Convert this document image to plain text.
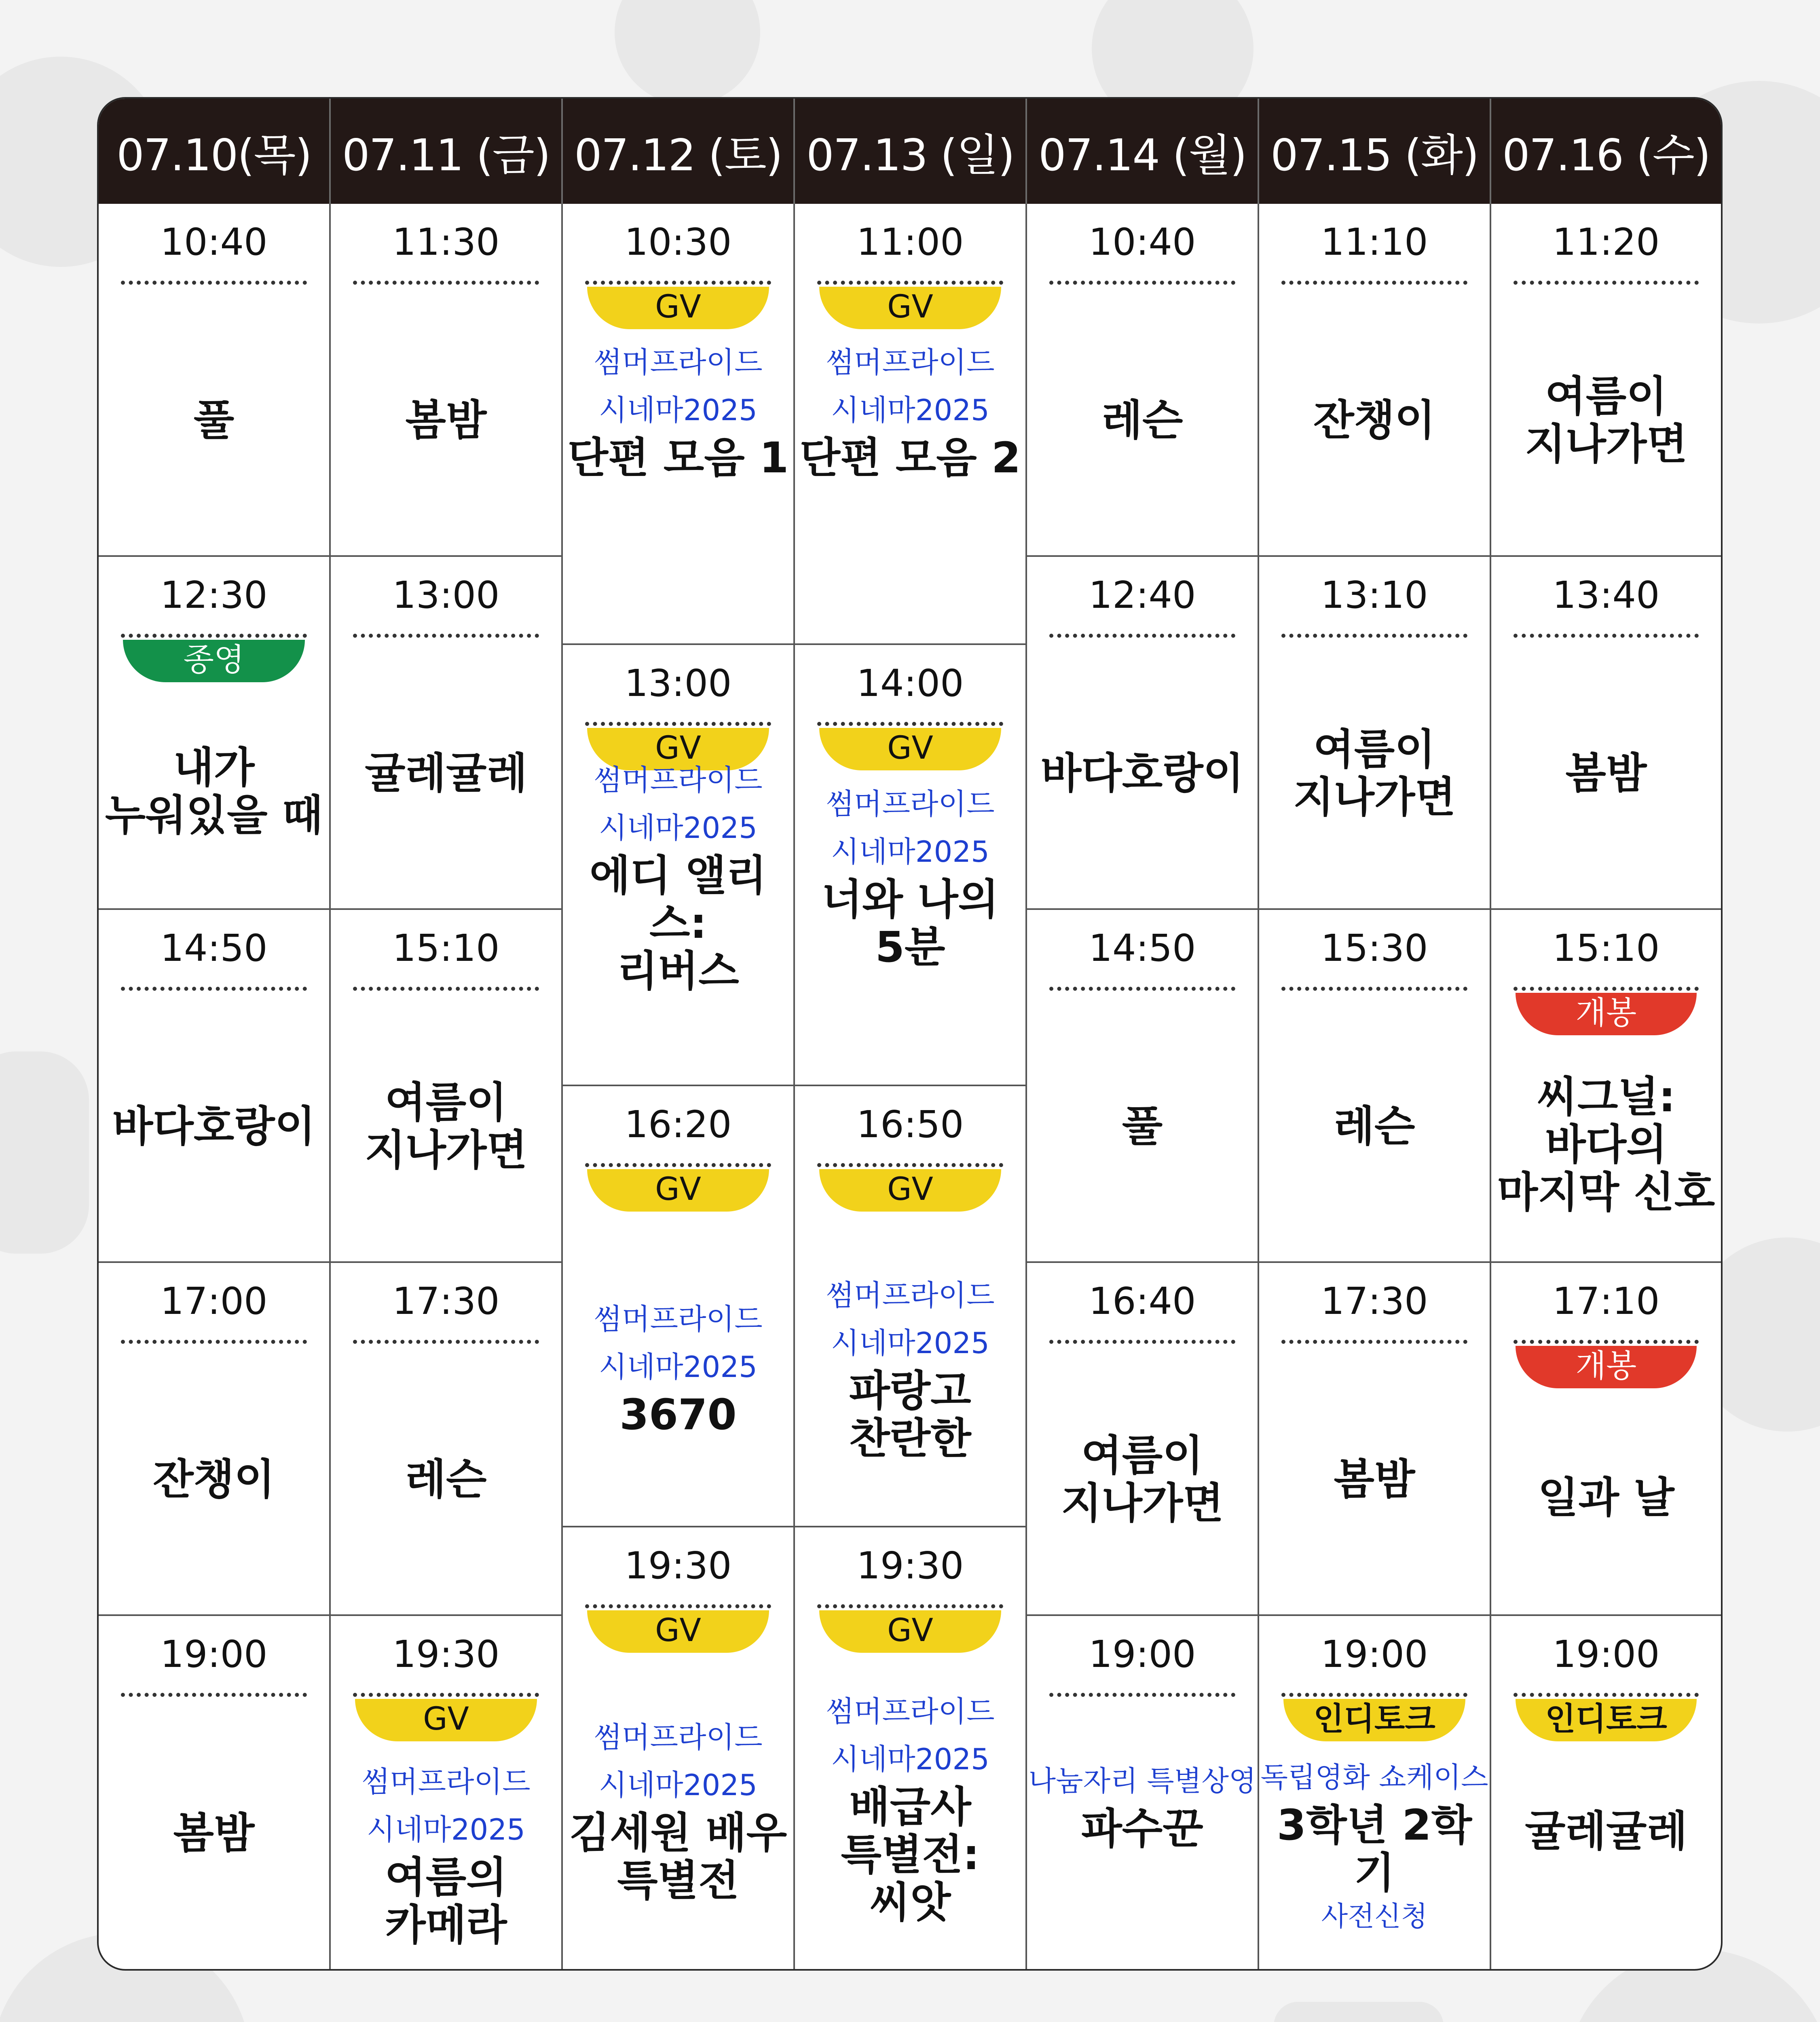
07.10(목) 07.11 (금) 07.12 (토) 07.13 (일) 07.14 (월) 07.15 (화) 07.16 (수)
10:40
풀
12:30
종영
내가
누워있을 때
14:50
바다호랑이
17:00
잔챙이
19:00
봄밤
11:30
봄밤
13:00
귤레귤레
15:10
여름이
지나가면
17:30
레슨
19:30
GV
썸머프라이드
시네마2025
여름의
카메라
10:30
GV
썸머프라이드
시네마2025
단편 모음 1
13:00
GV
썸머프라이드
시네마2025
에디 앨리스:
리버스
16:20
GV
썸머프라이드
시네마2025
3670
19:30
GV
썸머프라이드
시네마2025
김세원 배우
특별전
11:00
GV
썸머프라이드
시네마2025
단편 모음 2
14:00
GV
썸머프라이드
시네마2025
너와 나의
5분
16:50
GV
썸머프라이드
시네마2025
파랑고
찬란한
19:30
GV
썸머프라이드
시네마2025
배급사
특별전:
씨앗
10:40
레슨
12:40
바다호랑이
14:50
풀
16:40
여름이
지나가면
19:00
나눔자리 특별상영
파수꾼
11:10
잔챙이
13:10
여름이
지나가면
15:30
레슨
17:30
봄밤
19:00
인디토크
독립영화 쇼케이스
3학년 2학기
사전신청
11:20
여름이
지나가면
13:40
봄밤
15:10
개봉
씨그널:
바다의
마지막 신호
17:10
개봉
일과 날
19:00
인디토크
귤레귤레
